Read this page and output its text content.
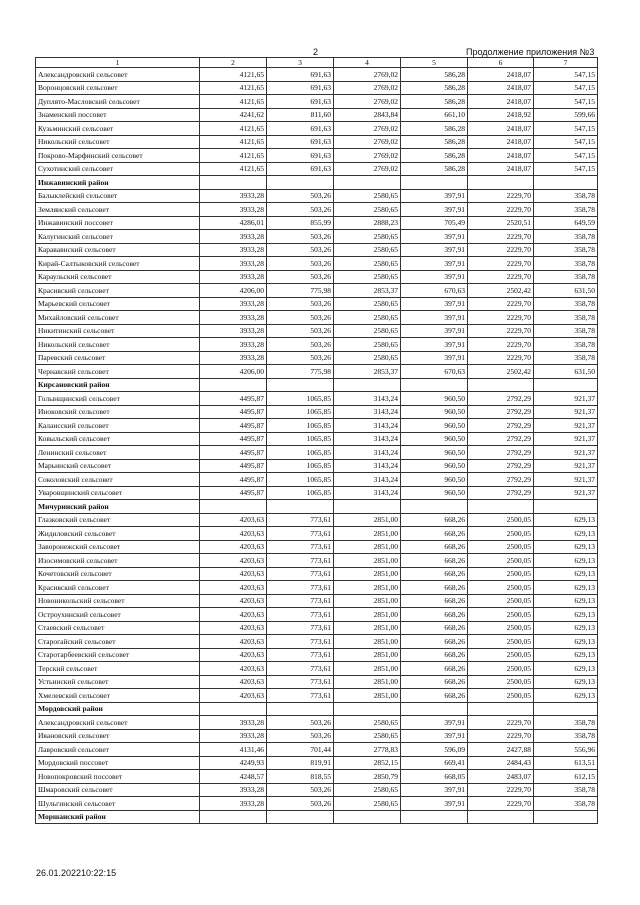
2	Продолжение приложения №3
1	2	3	4	5	6	7
Александровский сельсовет	4121,65	691,63	2769,02	586,28	2418,07	547,15
Воронцовский сельсовет	4121,65	691,63	2769,02	586,28	2418,07	547,15
Дуплято-Масловский сельсовет	4121,65	691,63	2769,02	586,28	2418,07	547,15
Знаменский поссовет	4241,62	811,60	2843,84	661,10	2418,92	599,66
Кузьминский сельсовет	4121,65	691,63	2769,02	586,28	2418,07	547,15
Никольский сельсовет	4121,65	691,63	2769,02	586,28	2418,07	547,15
Покрово-Марфинский сельсовет	4121,65	691,63	2769,02	586,28	2418,07	547,15
Сухотинский сельсовет	4121,65	691,63	2769,02	586,28	2418,07	547,15
Инжавинский район						
Балыклейский сельсовет	3933,28	503,26	2580,65	397,91	2229,70	358,78
Землянский сельсовет	3933,28	503,26	2580,65	397,91	2229,70	358,78
Инжавинский поссовет	4286,01	855,99	2888,23	705,49	2520,51	649,59
Калугинский сельсовет	3933,28	503,26	2580,65	397,91	2229,70	358,78
Карававнский сельсовет	3933,28	503,26	2580,65	397,91	2229,70	358,78
Кирай-Салтыковский сельсовет	3933,28	503,26	2580,65	397,91	2229,70	358,78
Караульский сельсовет	3933,28	503,26	2580,65	397,91	2229,70	358,78
Красивский сельсовет	4206,00	775,98	2853,37	670,63	2502,42	631,50
Марьевский сельсовет	3933,28	503,26	2580,65	397,91	2229,70	358,78
Михайловский сельсовет	3933,28	503,26	2580,65	397,91	2229,70	358,78
Никитинский сельсовет	3933,28	503,26	2580,65	397,91	2229,70	358,78
Никольский сельсовет	3933,28	503,26	2580,65	397,91	2229,70	358,78
Паревский сельсовет	3933,28	503,26	2580,65	397,91	2229,70	358,78
Чернавский сельсовет	4206,00	775,98	2853,37	670,63	2502,42	631,50
Кирсановский район						
Голынщинский сельсовет	4495,87	1065,85	3143,24	960,50	2792,29	921,37
Иноковский сельсовет	4495,87	1065,85	3143,24	960,50	2792,29	921,37
Калаисский сельсовет	4495,87	1065,85	3143,24	960,50	2792,29	921,37
Ковыльский сельсовет	4495,87	1065,85	3143,24	960,50	2792,29	921,37
Ленинский сельсовет	4495,87	1065,85	3143,24	960,50	2792,29	921,37
Марьинский сельсовет	4495,87	1065,85	3143,24	960,50	2792,29	921,37
Соколовский сельсовет	4495,87	1065,85	3143,24	960,50	2792,29	921,37
Уваровщинский сельсовет	4495,87	1065,85	3143,24	960,50	2792,29	921,37
Мичуринский район						
Глазковский сельсовет	4203,63	773,61	2851,00	668,26	2500,05	629,13
Жидиловский сельсовет	4203,63	773,61	2851,00	668,26	2500,05	629,13
Заворонежский сельсовет	4203,63	773,61	2851,00	668,26	2500,05	629,13
Изосимовский сельсовет	4203,63	773,61	2851,00	668,26	2500,05	629,13
Кочетовский сельсовет	4203,63	773,61	2851,00	668,26	2500,05	629,13
Красивский сельсовет	4203,63	773,61	2851,00	668,26	2500,05	629,13
Новоникольский сельсовет	4203,63	773,61	2851,00	668,26	2500,05	629,13
Остроухинский сельсовет	4203,63	773,61	2851,00	668,26	2500,05	629,13
Стаевский сельсовет	4203,63	773,61	2851,00	668,26	2500,05	629,13
Старогайский сельсовет	4203,63	773,61	2851,00	668,26	2500,05	629,13
Старотарбеевский сельсовет	4203,63	773,61	2851,00	668,26	2500,05	629,13
Терский сельсовет	4203,63	773,61	2851,00	668,26	2500,05	629,13
Устьинский сельсовет	4203,63	773,61	2851,00	668,26	2500,05	629,13
Хмелевский сельсовет	4203,63	773,61	2851,00	668,26	2500,05	629,13
Мордовский район						
Александровский сельсовет	3933,28	503,26	2580,65	397,91	2229,70	358,78
Ивановский сельсовет	3933,28	503,26	2580,65	397,91	2229,70	358,78
Лавровский сельсовет	4131,46	701,44	2778,83	596,09	2427,88	556,96
Мордовский поссовет	4249,93	819,91	2852,15	669,41	2484,43	613,51
Новопокровский поссовет	4248,57	818,55	2850,79	668,05	2483,07	612,15
Шмаровский сельсовет	3933,28	503,26	2580,65	397,91	2229,70	358,78
Шульгинский сельсовет	3933,28	503,26	2580,65	397,91	2229,70	358,78
Моршанский район						
26.01.202210:22:15
